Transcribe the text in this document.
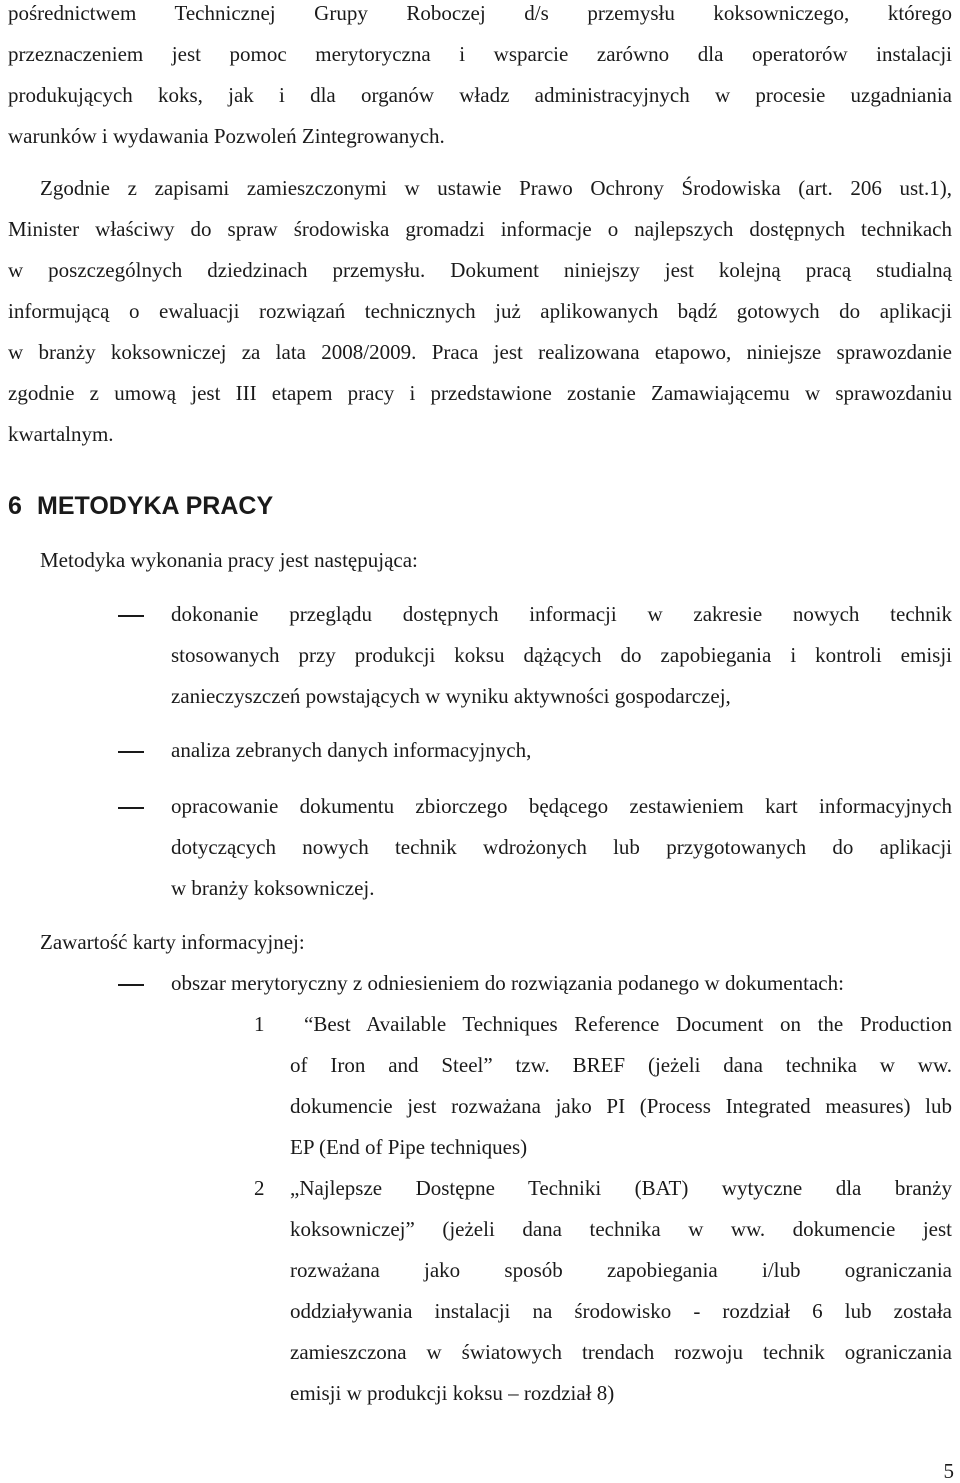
pośrednictwem Technicznej Grupy Roboczej d/s przemysłu koksowniczego, którego
przeznaczeniem jest pomoc merytoryczna i wsparcie zarówno dla operatorów instalacji
produkujących koks, jak i dla organów władz administracyjnych w procesie uzgadniania
warunków i wydawania Pozwoleń Zintegrowanych.
Zgodnie z zapisami zamieszczonymi w ustawie Prawo Ochrony Środowiska (art. 206 ust.1),
Minister właściwy do spraw środowiska gromadzi informacje o najlepszych dostępnych technikach
w poszczególnych dziedzinach przemysłu. Dokument niniejszy jest kolejną pracą studialną
informującą o ewaluacji rozwiązań technicznych już aplikowanych bądź gotowych do aplikacji
w branży koksowniczej za lata 2008/2009. Praca jest realizowana etapowo, niniejsze sprawozdanie
zgodnie z umową jest III etapem pracy i przedstawione zostanie Zamawiającemu w sprawozdaniu
kwartalnym.
6 METODYKA PRACY
Metodyka wykonania pracy jest następująca:
dokonanie przeglądu dostępnych informacji w zakresie nowych technik
stosowanych przy produkcji koksu dążących do zapobiegania i kontroli emisji
zanieczyszczeń powstających w wyniku aktywności gospodarczej,
analiza zebranych danych informacyjnych,
opracowanie dokumentu zbiorczego będącego zestawieniem kart informacyjnych
dotyczących nowych technik wdrożonych lub przygotowanych do aplikacji
w branży koksowniczej.
Zawartość karty informacyjnej:
obszar merytoryczny z odniesieniem do rozwiązania podanego w dokumentach:
1 “Best Available Techniques Reference Document on the Production
of Iron and Steel” tzw. BREF (jeżeli dana technika w ww.
dokumencie jest rozważana jako PI (Process Integrated measures) lub
EP (End of Pipe techniques)
2 „Najlepsze Dostępne Techniki (BAT) wytyczne dla branży
koksowniczej” (jeżeli dana technika w ww. dokumencie jest
rozważana jako sposób zapobiegania i/lub ograniczania
oddziaływania instalacji na środowisko - rozdział 6 lub została
zamieszczona w światowych trendach rozwoju technik ograniczania
emisji w produkcji koksu – rozdział 8)
5
